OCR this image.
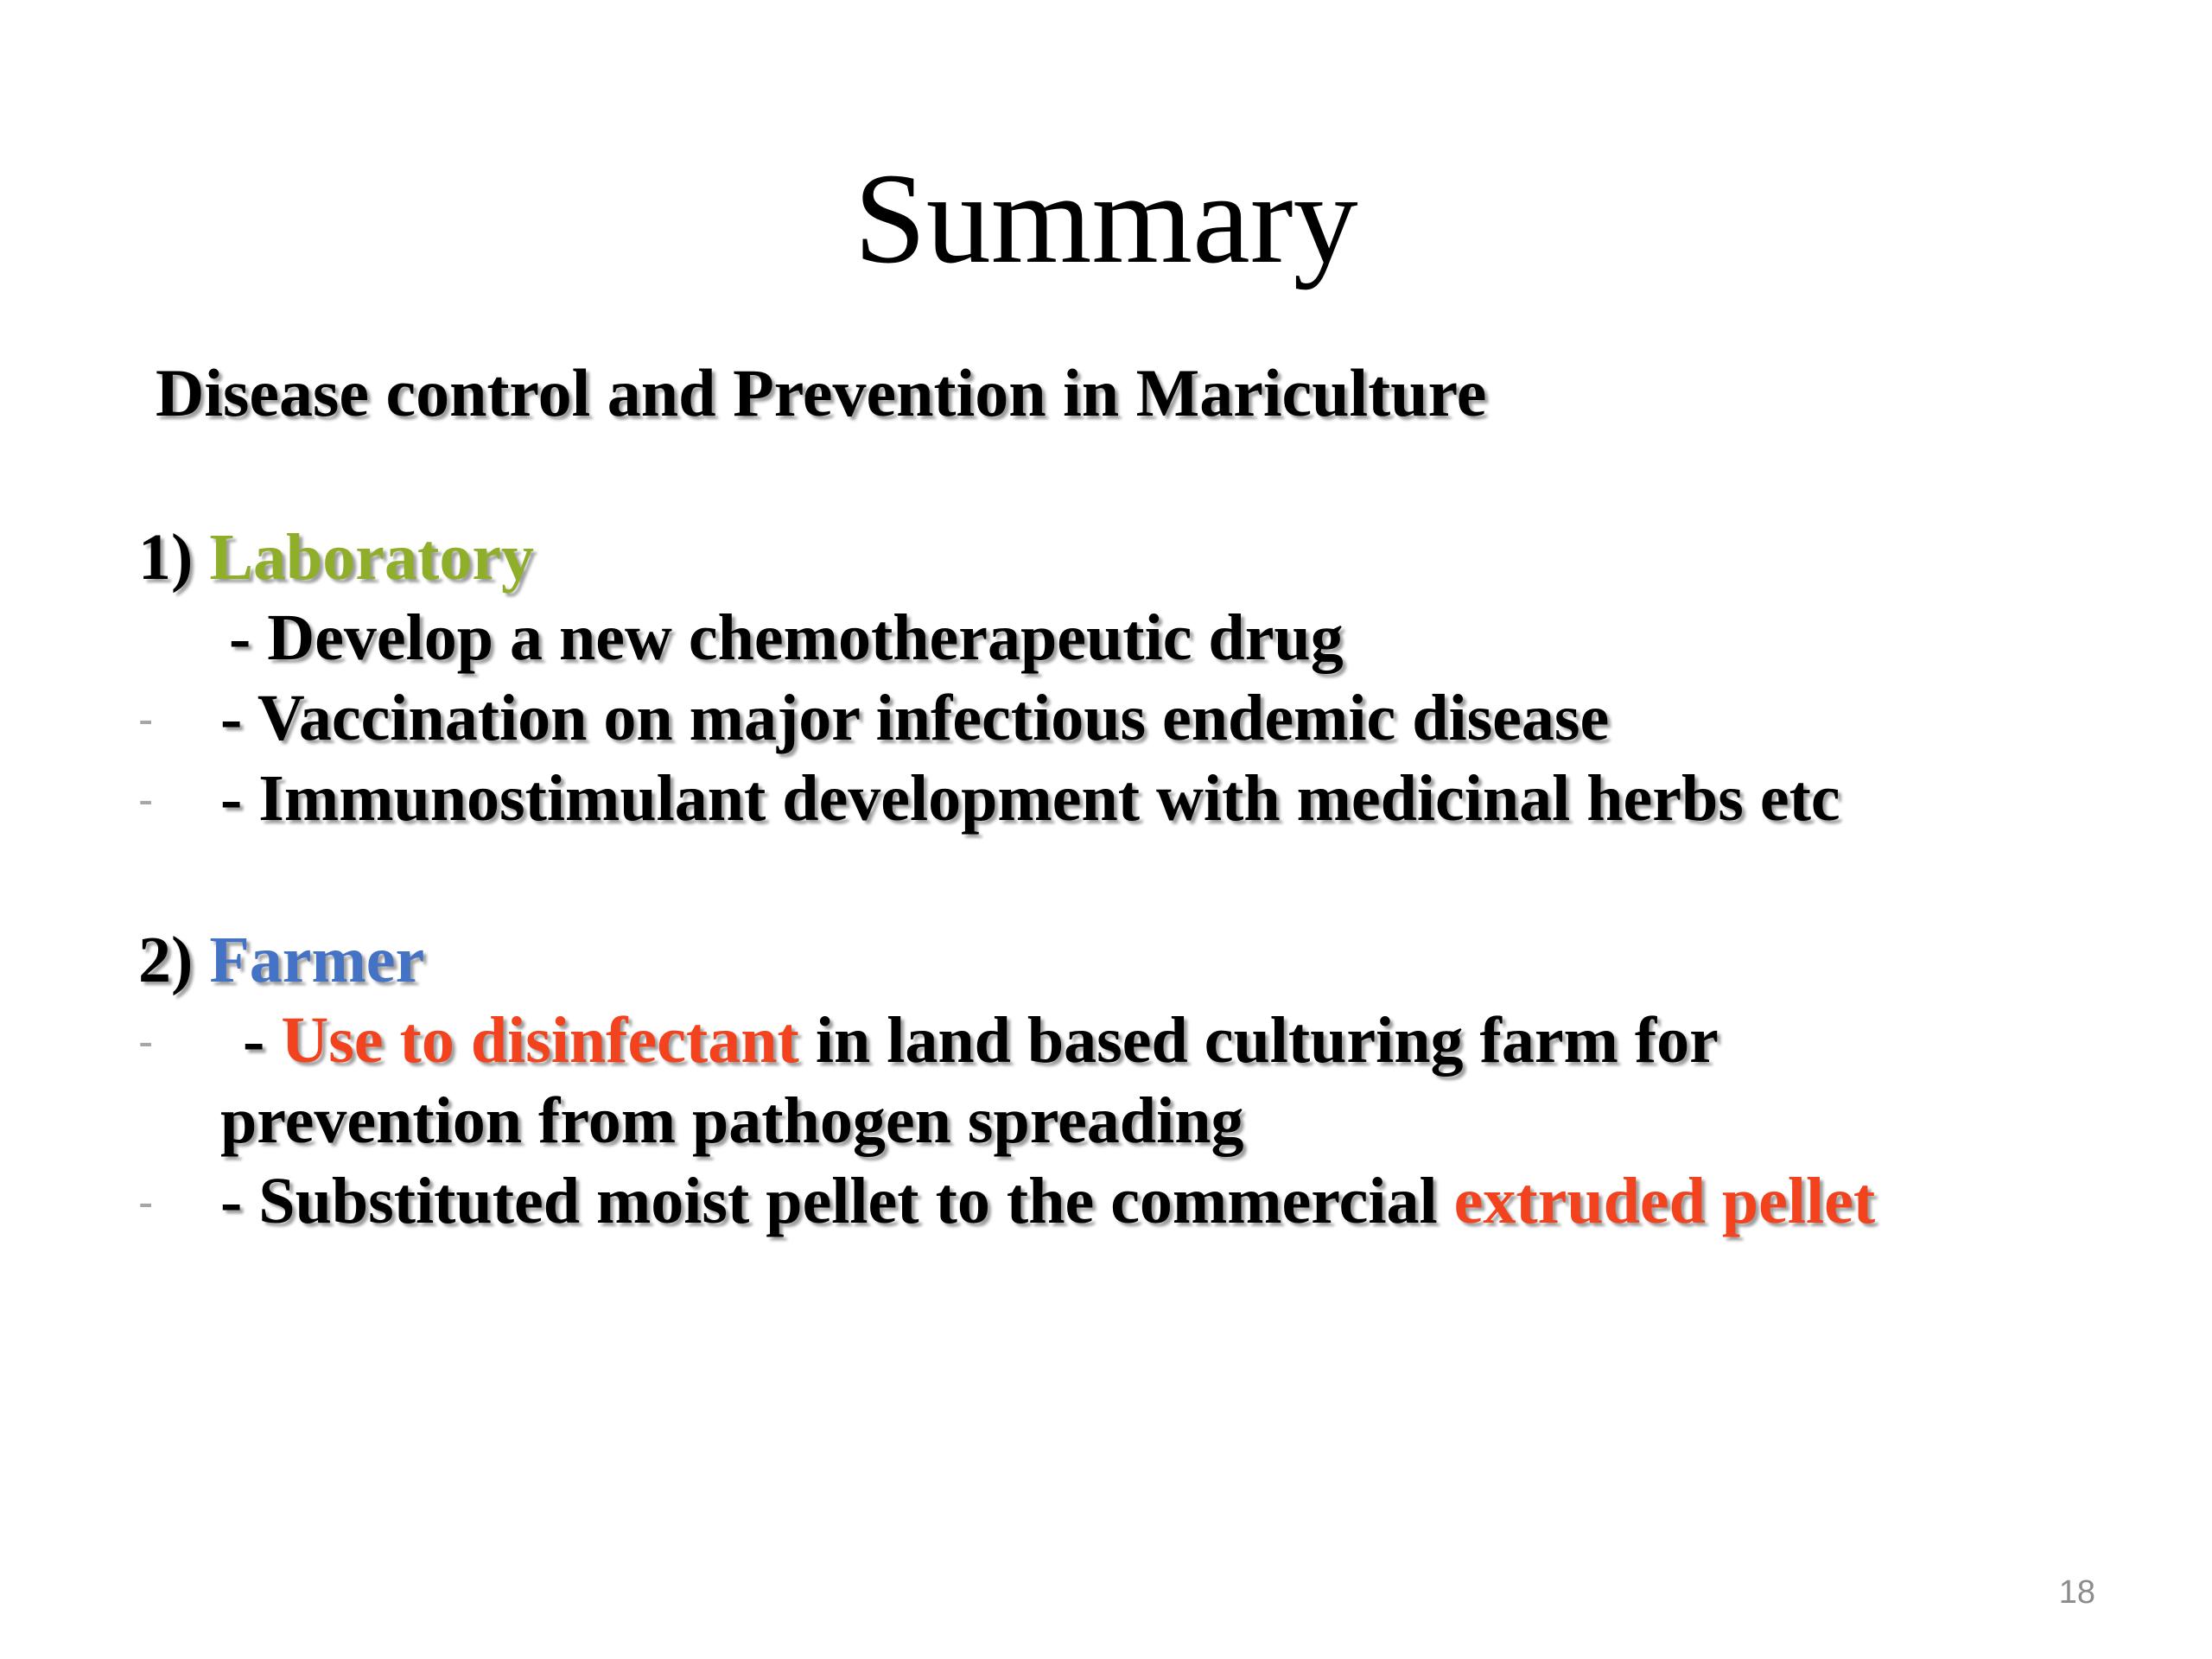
Summary
Disease control and Prevention in Mariculture
1) Laboratory
- Develop a new chemotherapeutic drug
- - Vaccination on major infectious endemic disease
- - Immunostimulant development with medicinal herbs etc
2) Farmer
-	- Use to disinfectant in land based culturing farm for
prevention from pathogen spreading
- - Substituted moist pellet to the commercial extruded pellet
18
